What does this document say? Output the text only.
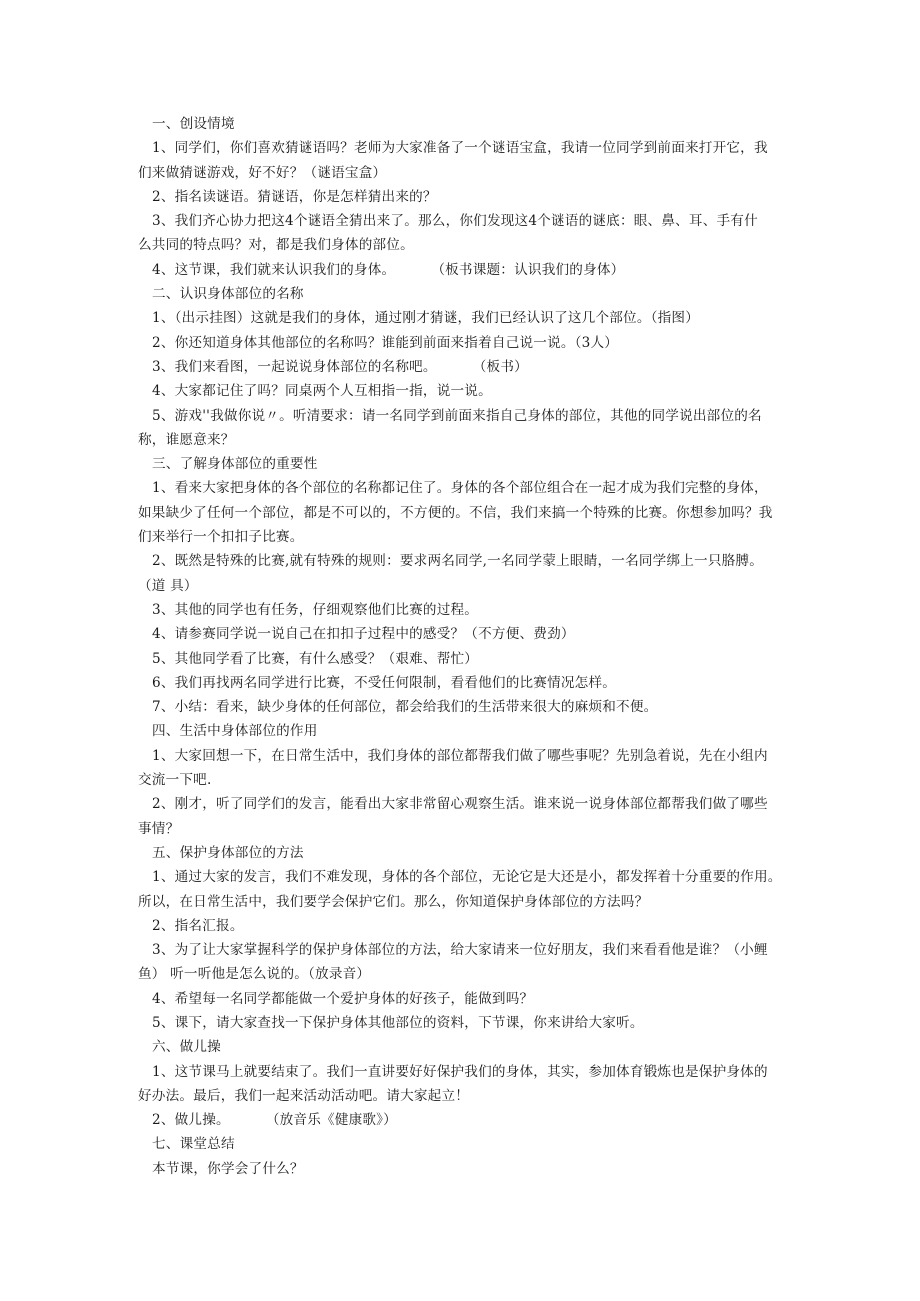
一、创设情境
1、同学们，你们喜欢猜谜语吗？老师为大家准备了一个谜语宝盒，我请一位同学到前面来打开它，我
们来做猜谜游戏，好不好？（谜语宝盒）
2、指名读谜语。猜谜语，你是怎样猜出来的？
3、我们齐心协力把这4个谜语全猜出来了。那么，你们发现这4个谜语的谜底：眼、鼻、耳、手有什
么共同的特点吗？对，都是我们身体的部位。
4、这节课，我们就来认识我们的身体。	（板书课题：认识我们的身体）
二、认识身体部位的名称
1、（出示挂图）这就是我们的身体，通过刚才猜谜，我们已经认识了这几个部位。（指图）
2、你还知道身体其他部位的名称吗？谁能到前面来指着自己说一说。（3人）
3、我们来看图，一起说说身体部位的名称吧。	（板书）
4、大家都记住了吗？同桌两个人互相指一指，说一说。
5、游戏''我做你说〃。听清要求：请一名同学到前面来指自己身体的部位，其他的同学说出部位的名
称，谁愿意来？
三、了解身体部位的重要性
1、看来大家把身体的各个部位的名称都记住了。身体的各个部位组合在一起才成为我们完整的身体，
如果缺少了任何一个部位，都是不可以的，不方便的。不信，我们来搞一个特殊的比赛。你想参加吗？我
们来举行一个扣扣子比赛。
2、既然是特殊的比赛,就有特殊的规则：要求两名同学,一名同学蒙上眼睛，一名同学绑上一只胳膊。
（道 具）
3、其他的同学也有任务，仔细观察他们比赛的过程。
4、请参赛同学说一说自己在扣扣子过程中的感受？（不方便、费劲）
5、其他同学看了比赛，有什么感受？（艰难、帮忙）
6、我们再找两名同学进行比赛，不受任何限制，看看他们的比赛情况怎样。
7、小结：看来，缺少身体的任何部位，都会给我们的生活带来很大的麻烦和不便。
四、生活中身体部位的作用
1、大家回想一下，在日常生活中，我们身体的部位都帮我们做了哪些事呢？先别急着说，先在小组内
交流一下吧.
2、刚才，听了同学们的发言，能看出大家非常留心观察生活。谁来说一说身体部位都帮我们做了哪些
事情？
五、保护身体部位的方法
1、通过大家的发言，我们不难发现，身体的各个部位，无论它是大还是小，都发挥着十分重要的作用。
所以，在日常生活中，我们要学会保护它们。那么，你知道保护身体部位的方法吗？
2、指名汇报。
3、为了让大家掌握科学的保护身体部位的方法，给大家请来一位好朋友，我们来看看他是谁？（小鲤
鱼） 听一听他是怎么说的。（放录音）
4、希望每一名同学都能做一个爱护身体的好孩子，能做到吗？
5、课下，请大家查找一下保护身体其他部位的资料，下节课，你来讲给大家听。
六、做儿操
1、这节课马上就要结束了。我们一直讲要好好保护我们的身体，其实，参加体育锻炼也是保护身体的
好办法。最后，我们一起来活动活动吧。请大家起立！
2、做儿操。	（放音乐《健康歌》）
七、课堂总结
本节课，你学会了什么？
